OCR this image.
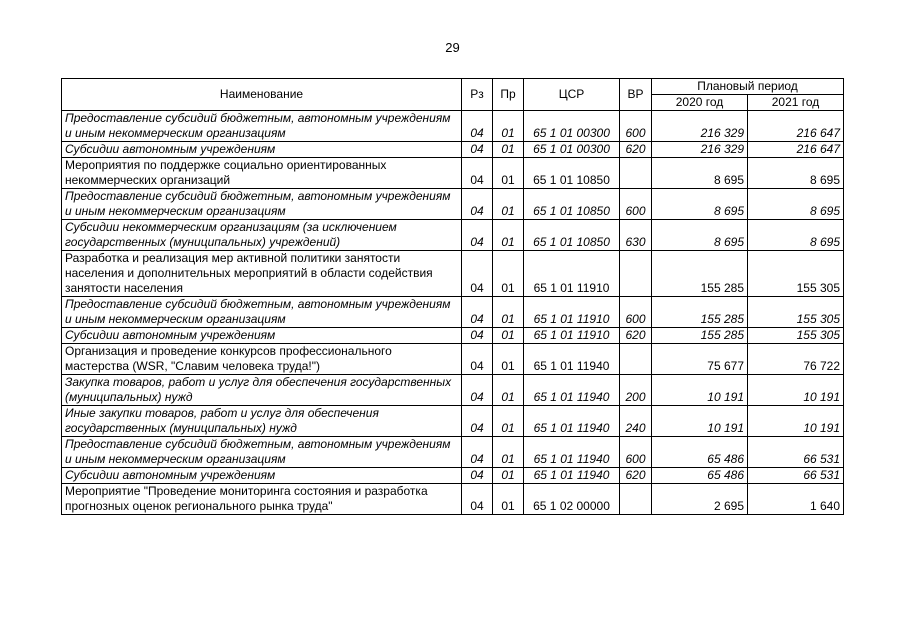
29
Наименование	Рз	Пр	ЦСР	ВР	Плановый период	
					2020 год	2021 год
Предоставление субсидий бюджетным, автономным учреждениям и иным некоммерческим организациям	04	01	65 1 01 00300	600	216 329	216 647
Субсидии автономным учреждениям	04	01	65 1 01 00300	620	216 329	216 647
Мероприятия по поддержке социально ориентированных некоммерческих организаций	04	01	65 1 01 10850		8 695	8 695
Предоставление субсидий бюджетным, автономным учреждениям и иным некоммерческим организациям	04	01	65 1 01 10850	600	8 695	8 695
Субсидии некоммерческим организациям (за исключением государственных (муниципальных) учреждений)	04	01	65 1 01 10850	630	8 695	8 695
Разработка и реализация мер активной политики занятости населения и дополнительных мероприятий в области содействия занятости населения	04	01	65 1 01 11910		155 285	155 305
Предоставление субсидий бюджетным, автономным учреждениям и иным некоммерческим организациям	04	01	65 1 01 11910	600	155 285	155 305
Субсидии автономным учреждениям	04	01	65 1 01 11910	620	155 285	155 305
Организация и проведение конкурсов профессионального мастерства (WSR, "Славим человека труда!")	04	01	65 1 01 11940		75 677	76 722
Закупка товаров, работ и услуг для обеспечения государственных (муниципальных) нужд	04	01	65 1 01 11940	200	10 191	10 191
Иные закупки товаров, работ и услуг для обеспечения государственных (муниципальных) нужд	04	01	65 1 01 11940	240	10 191	10 191
Предоставление субсидий бюджетным, автономным учреждениям и иным некоммерческим организациям	04	01	65 1 01 11940	600	65 486	66 531
Субсидии автономным учреждениям	04	01	65 1 01 11940	620	65 486	66 531
Мероприятие "Проведение мониторинга состояния и разработка прогнозных оценок регионального рынка труда"	04	01	65 1 02 00000		2 695	1 640
